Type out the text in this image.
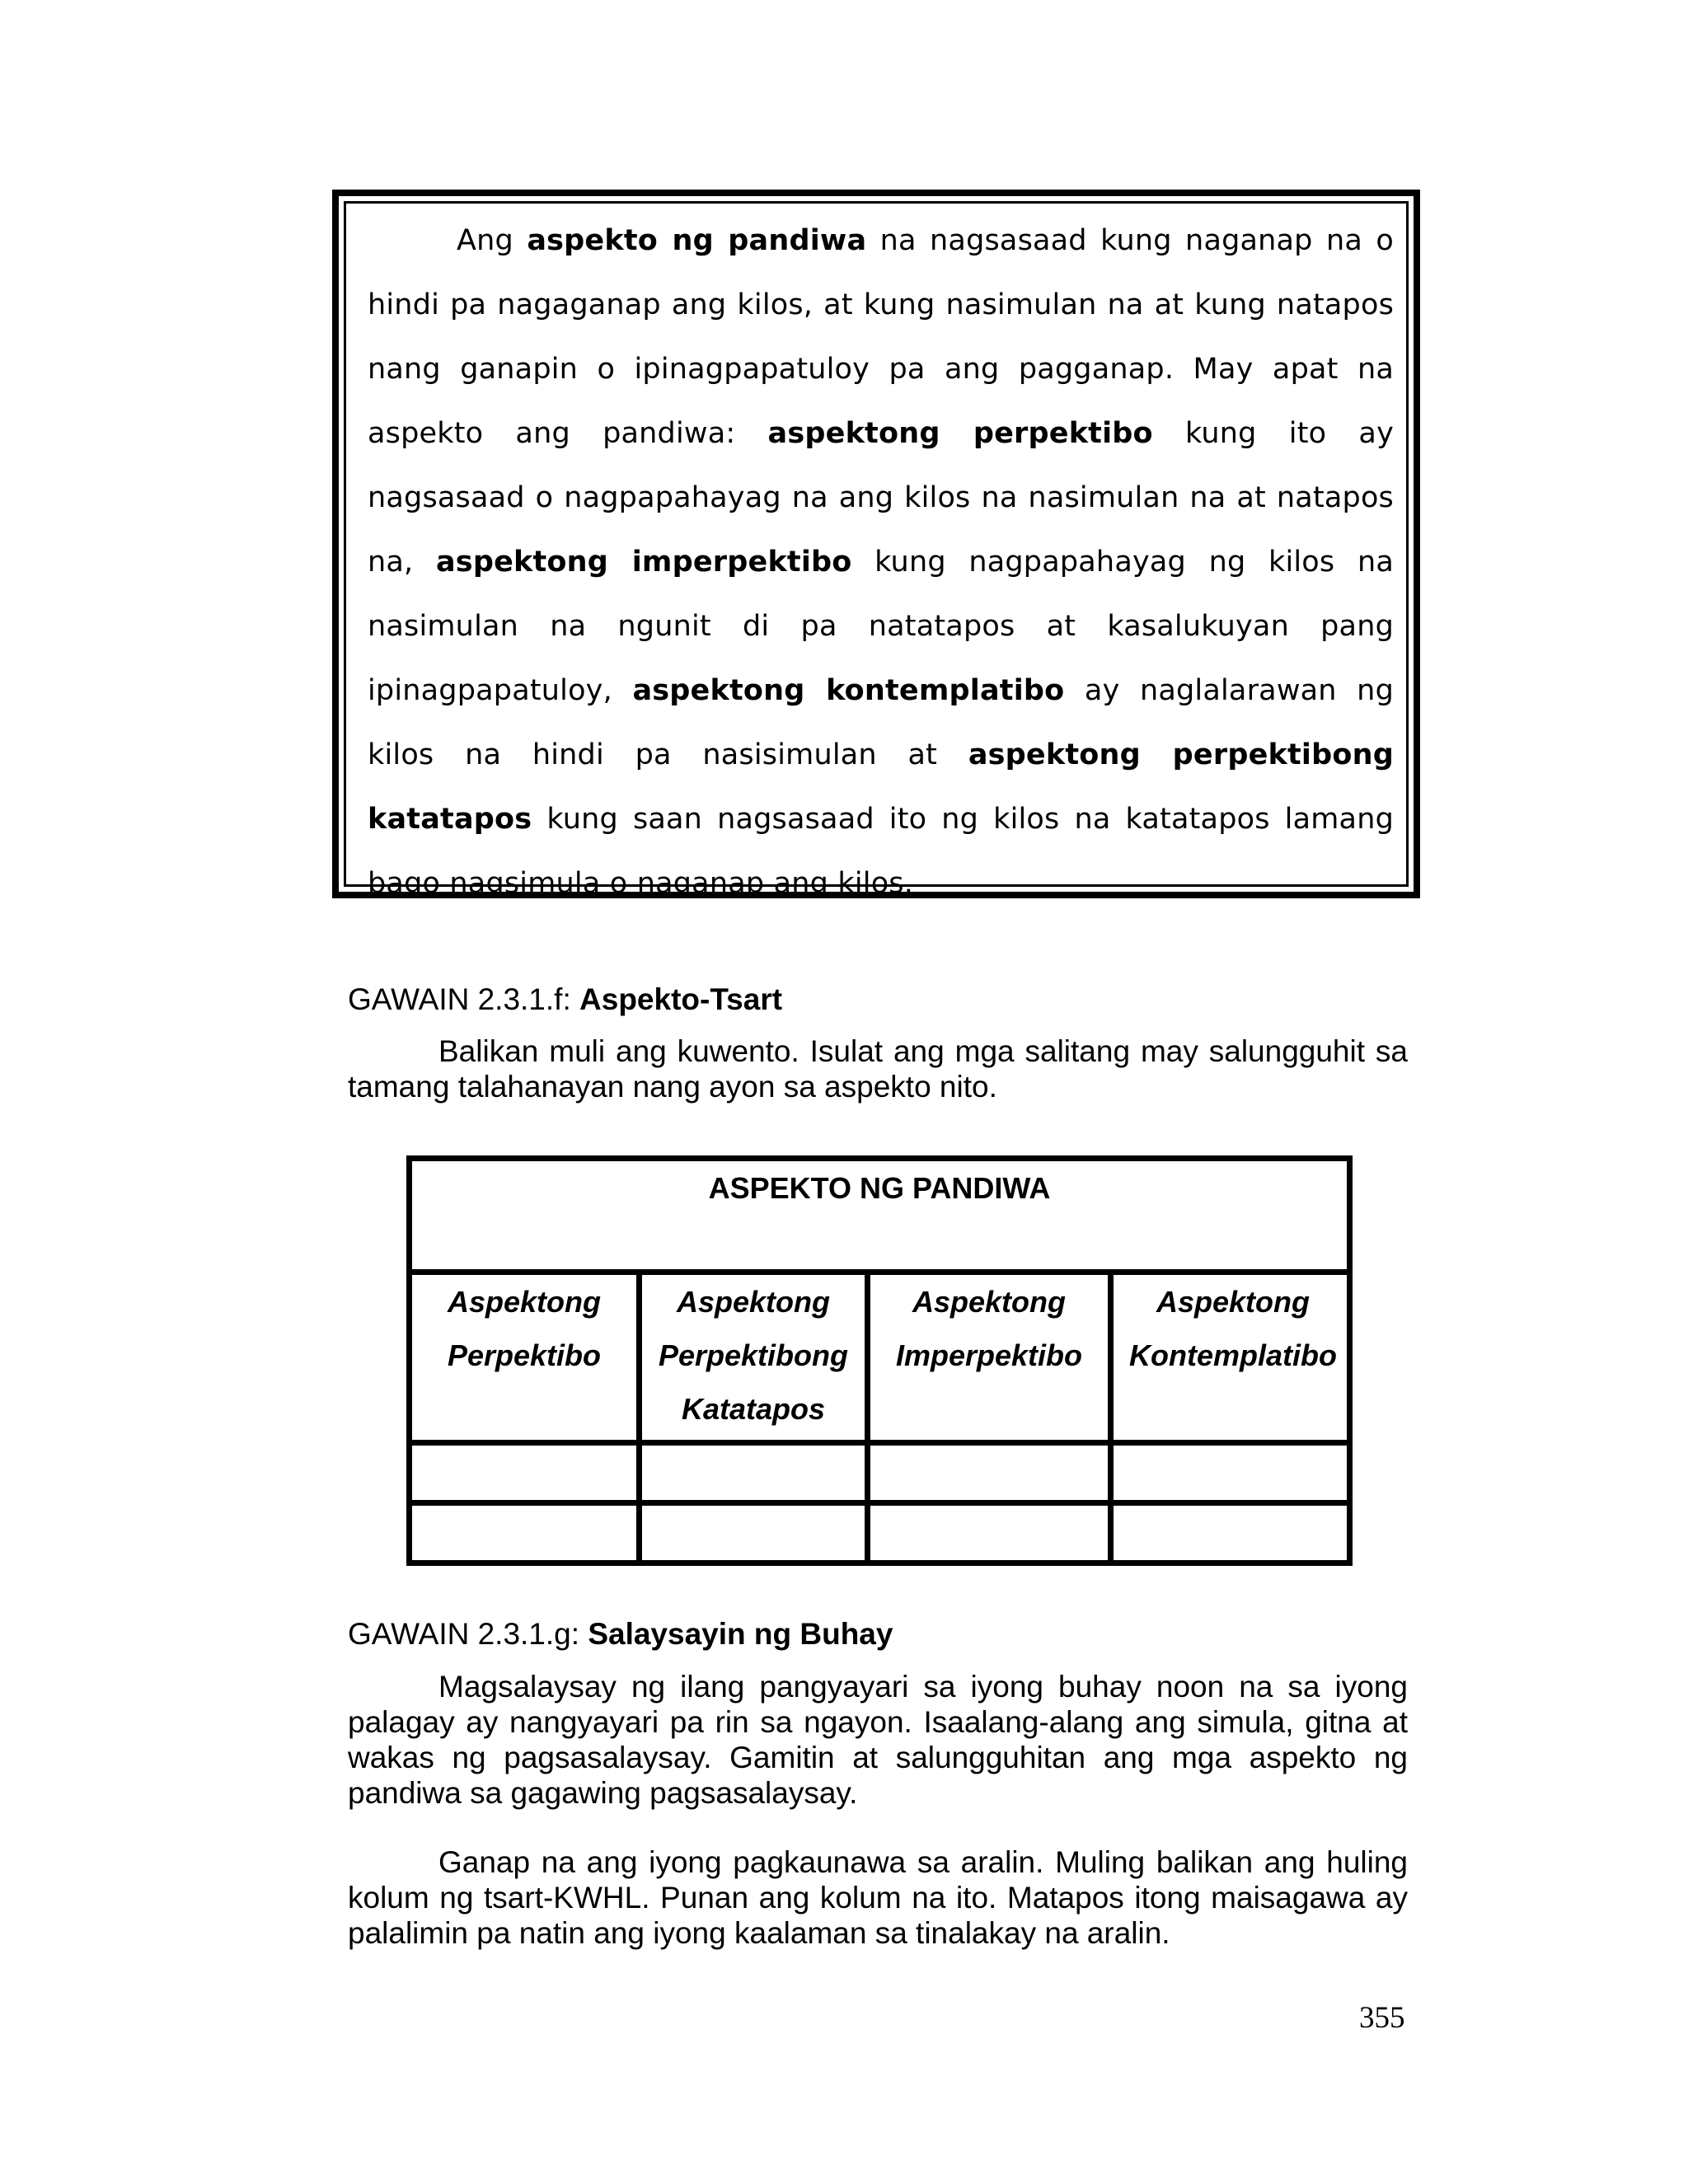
Ang aspekto ng pandiwa na nagsasaad kung naganap na o hindi pa nagaganap ang kilos, at kung nasimulan na at kung natapos nang ganapin o ipinagpapatuloy pa ang pagganap. May apat na aspekto ang pandiwa: aspektong perpektibo kung ito ay nagsasaad o nagpapahayag na ang kilos na nasimulan na at natapos na, aspektong imperpektibo kung nagpapahayag ng kilos na nasimulan na ngunit di pa natatapos at kasalukuyan pang ipinagpapatuloy, aspektong kontemplatibo ay naglalarawan ng kilos na hindi pa nasisimulan at aspektong perpektibong katatapos kung saan nagsasaad ito ng kilos na katatapos lamang bago nagsimula o naganap ang kilos.
GAWAIN 2.3.1.f: Aspekto-Tsart
Balikan muli ang kuwento. Isulat ang mga salitang may salungguhit sa tamang talahanayan nang ayon sa aspekto nito.
ASPEKTO NG PANDIWA
Aspektong
Perpektibo
Aspektong
Perpektibong
Katatapos
Aspektong
Imperpektibo
Aspektong
Kontemplatibo
GAWAIN 2.3.1.g: Salaysayin ng Buhay
Magsalaysay ng ilang pangyayari sa iyong buhay noon na sa iyong palagay ay nangyayari pa rin sa ngayon. Isaalang-alang ang simula, gitna at wakas ng pagsasalaysay. Gamitin at salungguhitan ang mga aspekto ng pandiwa sa gagawing pagsasalaysay.
Ganap na ang iyong pagkaunawa sa aralin. Muling balikan ang huling kolum ng tsart-KWHL. Punan ang kolum na ito. Matapos itong maisagawa ay palalimin pa natin ang iyong kaalaman sa tinalakay na aralin.
355
